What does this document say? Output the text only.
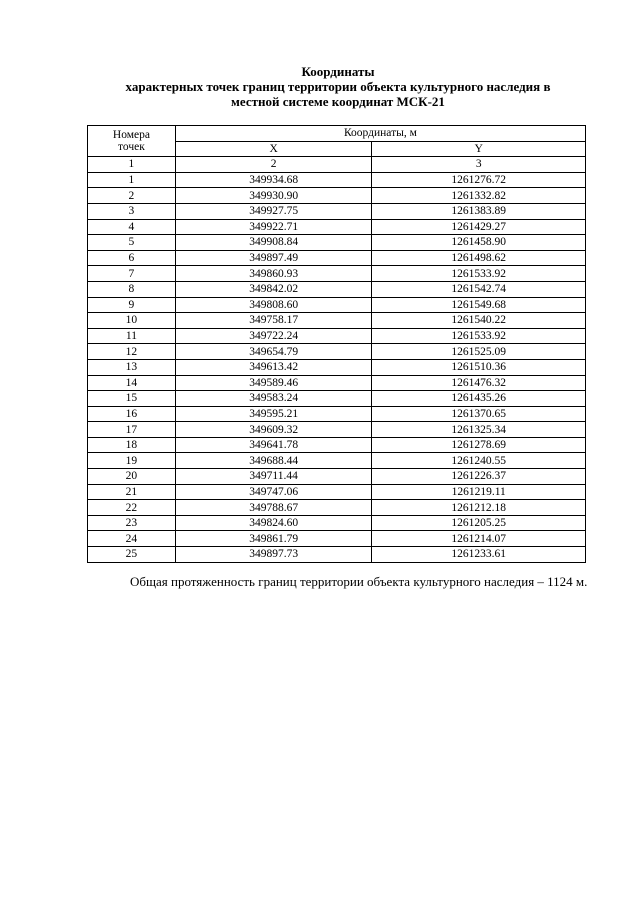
Координаты
характерных точек границ территории объекта культурного наследия в
местной системе координат МСК-21
Номера
точек	Координаты, м	
	X	Y
1	2	3
1	349934.68	1261276.72
2	349930.90	1261332.82
3	349927.75	1261383.89
4	349922.71	1261429.27
5	349908.84	1261458.90
6	349897.49	1261498.62
7	349860.93	1261533.92
8	349842.02	1261542.74
9	349808.60	1261549.68
10	349758.17	1261540.22
11	349722.24	1261533.92
12	349654.79	1261525.09
13	349613.42	1261510.36
14	349589.46	1261476.32
15	349583.24	1261435.26
16	349595.21	1261370.65
17	349609.32	1261325.34
18	349641.78	1261278.69
19	349688.44	1261240.55
20	349711.44	1261226.37
21	349747.06	1261219.11
22	349788.67	1261212.18
23	349824.60	1261205.25
24	349861.79	1261214.07
25	349897.73	1261233.61
Общая протяженность границ территории объекта культурного наследия – 1124 м.
